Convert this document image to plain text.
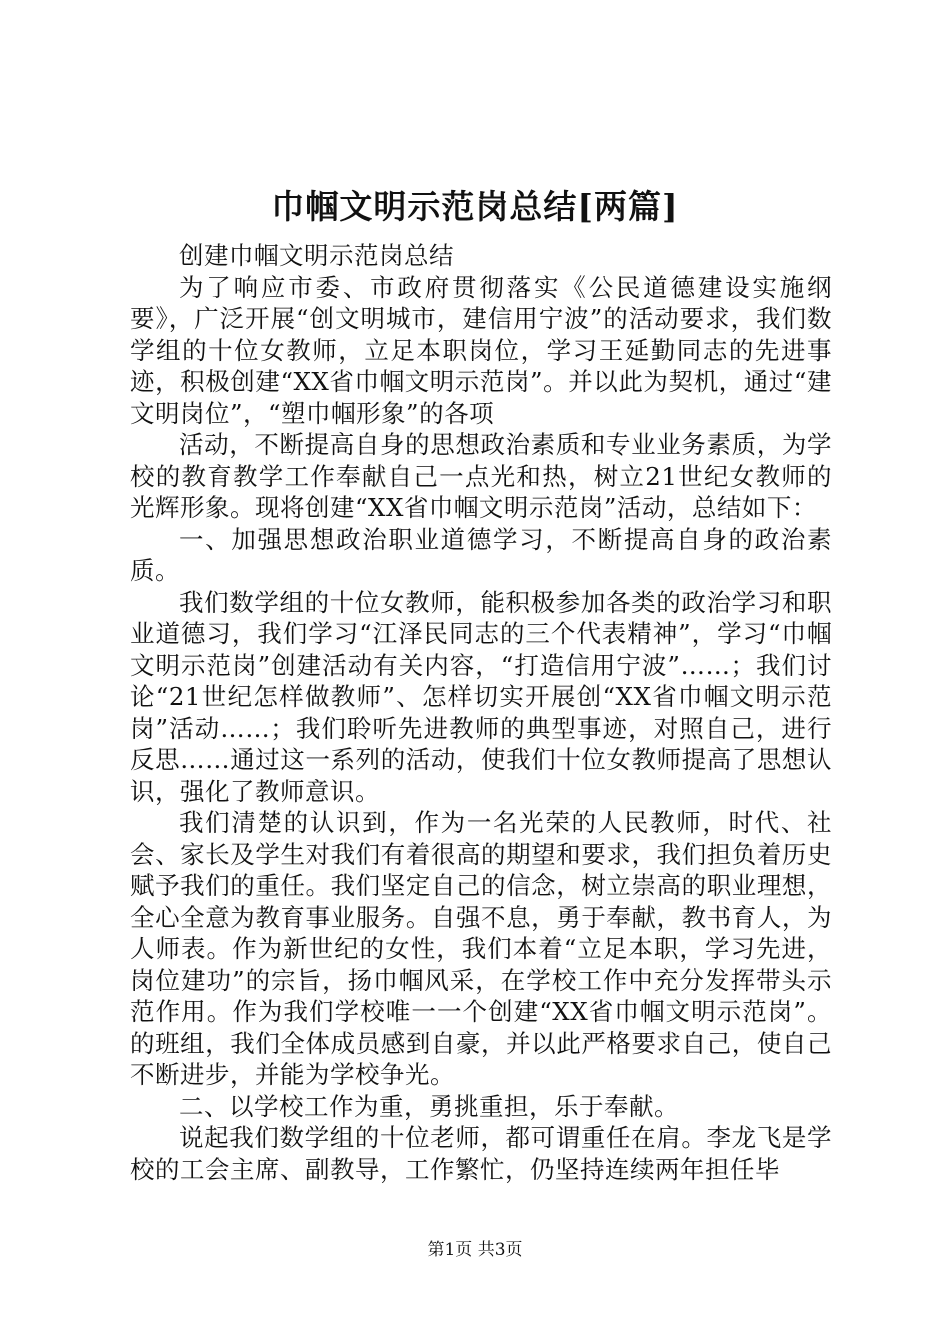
巾帼文明示范岗总结[两篇]

创建巾帼文明示范岗总结

为了响应市委、市政府贯彻落实《公民道德建设实施纲要》，广泛开展“创文明城市，建信用宁波”的活动要求，我们数学组的十位女教师，立足本职岗位，学习王延勤同志的先进事迹，积极创建“XX省巾帼文明示范岗”。并以此为契机，通过“建文明岗位”，“塑巾帼形象”的各项

活动，不断提高自身的思想政治素质和专业业务素质，为学校的教育教学工作奉献自己一点光和热，树立21世纪女教师的光辉形象。现将创建“XX省巾帼文明示范岗”活动，总结如下：

一、加强思想政治职业道德学习，不断提高自身的政治素质。

我们数学组的十位女教师，能积极参加各类的政治学习和职业道德习，我们学习“江泽民同志的三个代表精神”，学习“巾帼文明示范岗”创建活动有关内容，“打造信用宁波”……；我们讨论“21世纪怎样做教师”、怎样切实开展创“XX省巾帼文明示范岗”活动……；我们聆听先进教师的典型事迹，对照自己，进行反思……通过这一系列的活动，使我们十位女教师提高了思想认识，强化了教师意识。

我们清楚的认识到，作为一名光荣的人民教师，时代、社会、家长及学生对我们有着很高的期望和要求，我们担负着历史赋予我们的重任。我们坚定自己的信念，树立崇高的职业理想，全心全意为教育事业服务。自强不息，勇于奉献，教书育人，为人师表。作为新世纪的女性，我们本着“立足本职，学习先进，岗位建功”的宗旨，扬巾帼风采，在学校工作中充分发挥带头示范作用。作为我们学校唯一一个创建“XX省巾帼文明示范岗”。的班组，我们全体成员感到自豪，并以此严格要求自己，使自己不断进步，并能为学校争光。

二、以学校工作为重，勇挑重担，乐于奉献。

说起我们数学组的十位老师，都可谓重任在肩。李龙飞是学校的工会主席、副教导，工作繁忙，仍坚持连续两年担任毕

第1页 共3页
